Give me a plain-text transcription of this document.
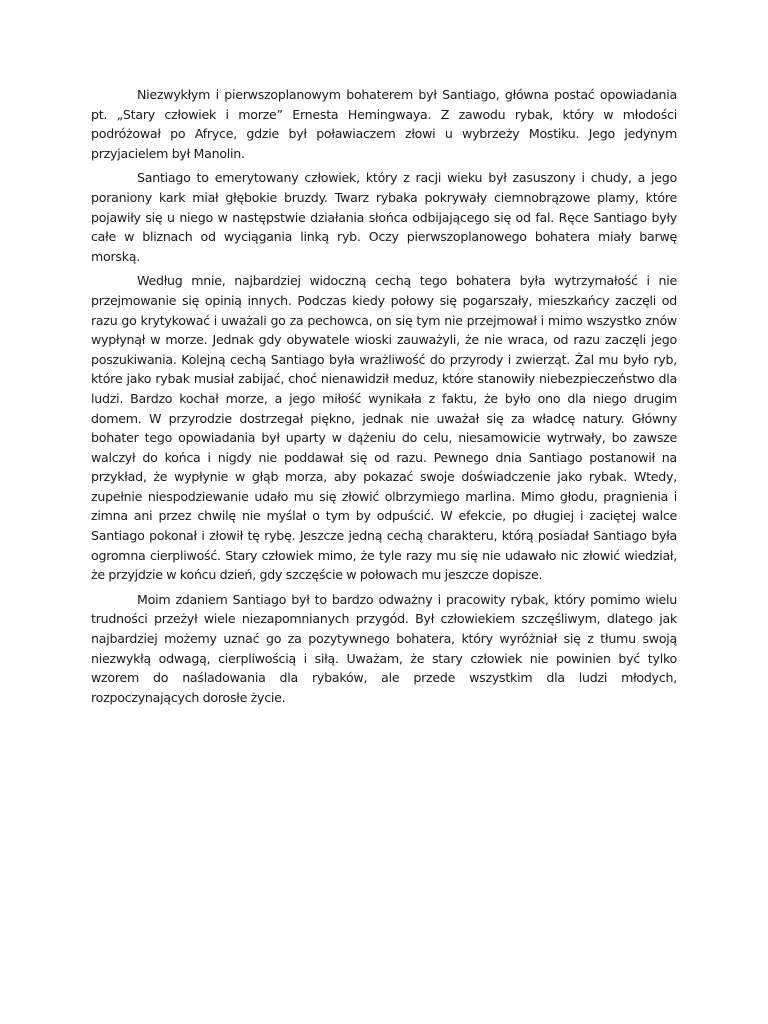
Niezwykłym i pierwszoplanowym bohaterem był Santiago, główna postać opowiadania pt. „Stary człowiek i morze” Ernesta Hemingwaya. Z zawodu rybak, który w młodości podróżował po Afryce, gdzie był poławiaczem złowi u wybrzeży Mostiku. Jego jedynym przyjacielem był Manolin.

Santiago to emerytowany człowiek, który z racji wieku był zasuszony i chudy, a jego poraniony kark miał głębokie bruzdy. Twarz rybaka pokrywały ciemnobrązowe plamy, które pojawiły się u niego w następstwie działania słońca odbijającego się od fal. Ręce Santiago były całe w bliznach od wyciągania linką ryb. Oczy pierwszoplanowego bohatera miały barwę morską.

Według mnie, najbardziej widoczną cechą tego bohatera była wytrzymałość i nie przejmowanie się opinią innych. Podczas kiedy połowy się pogarszały, mieszkańcy zaczęli od razu go krytykować i uważali go za pechowca, on się tym nie przejmował i mimo wszystko znów wypłynął w morze. Jednak gdy obywatele wioski zauważyli, że nie wraca, od razu zaczęli jego poszukiwania. Kolejną cechą Santiago była wrażliwość do przyrody i zwierząt. Żal mu było ryb, które jako rybak musiał zabijać, choć nienawidził meduz, które stanowiły niebezpieczeństwo dla ludzi. Bardzo kochał morze, a jego miłość wynikała z faktu, że było ono dla niego drugim domem. W przyrodzie dostrzegał piękno, jednak nie uważał się za władcę natury. Główny bohater tego opowiadania był uparty w dążeniu do celu, niesamowicie wytrwały, bo zawsze walczył do końca i nigdy nie poddawał się od razu. Pewnego dnia Santiago postanowił na przykład, że wypłynie w głąb morza, aby pokazać swoje doświadczenie jako rybak. Wtedy, zupełnie niespodziewanie udało mu się złowić olbrzymiego marlina. Mimo głodu, pragnienia i zimna ani przez chwilę nie myślał o tym by odpuścić. W efekcie, po długiej i zaciętej walce Santiago pokonał i złowił tę rybę. Jeszcze jedną cechą charakteru, którą posiadał Santiago była ogromna cierpliwość. Stary człowiek mimo, że tyle razy mu się nie udawało nic złowić wiedział, że przyjdzie w końcu dzień, gdy szczęście w połowach mu jeszcze dopisze.

Moim zdaniem Santiago był to bardzo odważny i pracowity rybak, który pomimo wielu trudności przeżył wiele niezapomnianych przygód. Był człowiekiem szczęśliwym, dlatego jak najbardziej możemy uznać go za pozytywnego bohatera, który wyróżniał się z tłumu swoją niezwykłą odwagą, cierpliwością i siłą. Uważam, że stary człowiek nie powinien być tylko wzorem do naśladowania dla rybaków, ale przede wszystkim dla ludzi młodych, rozpoczynających dorosłe życie.
